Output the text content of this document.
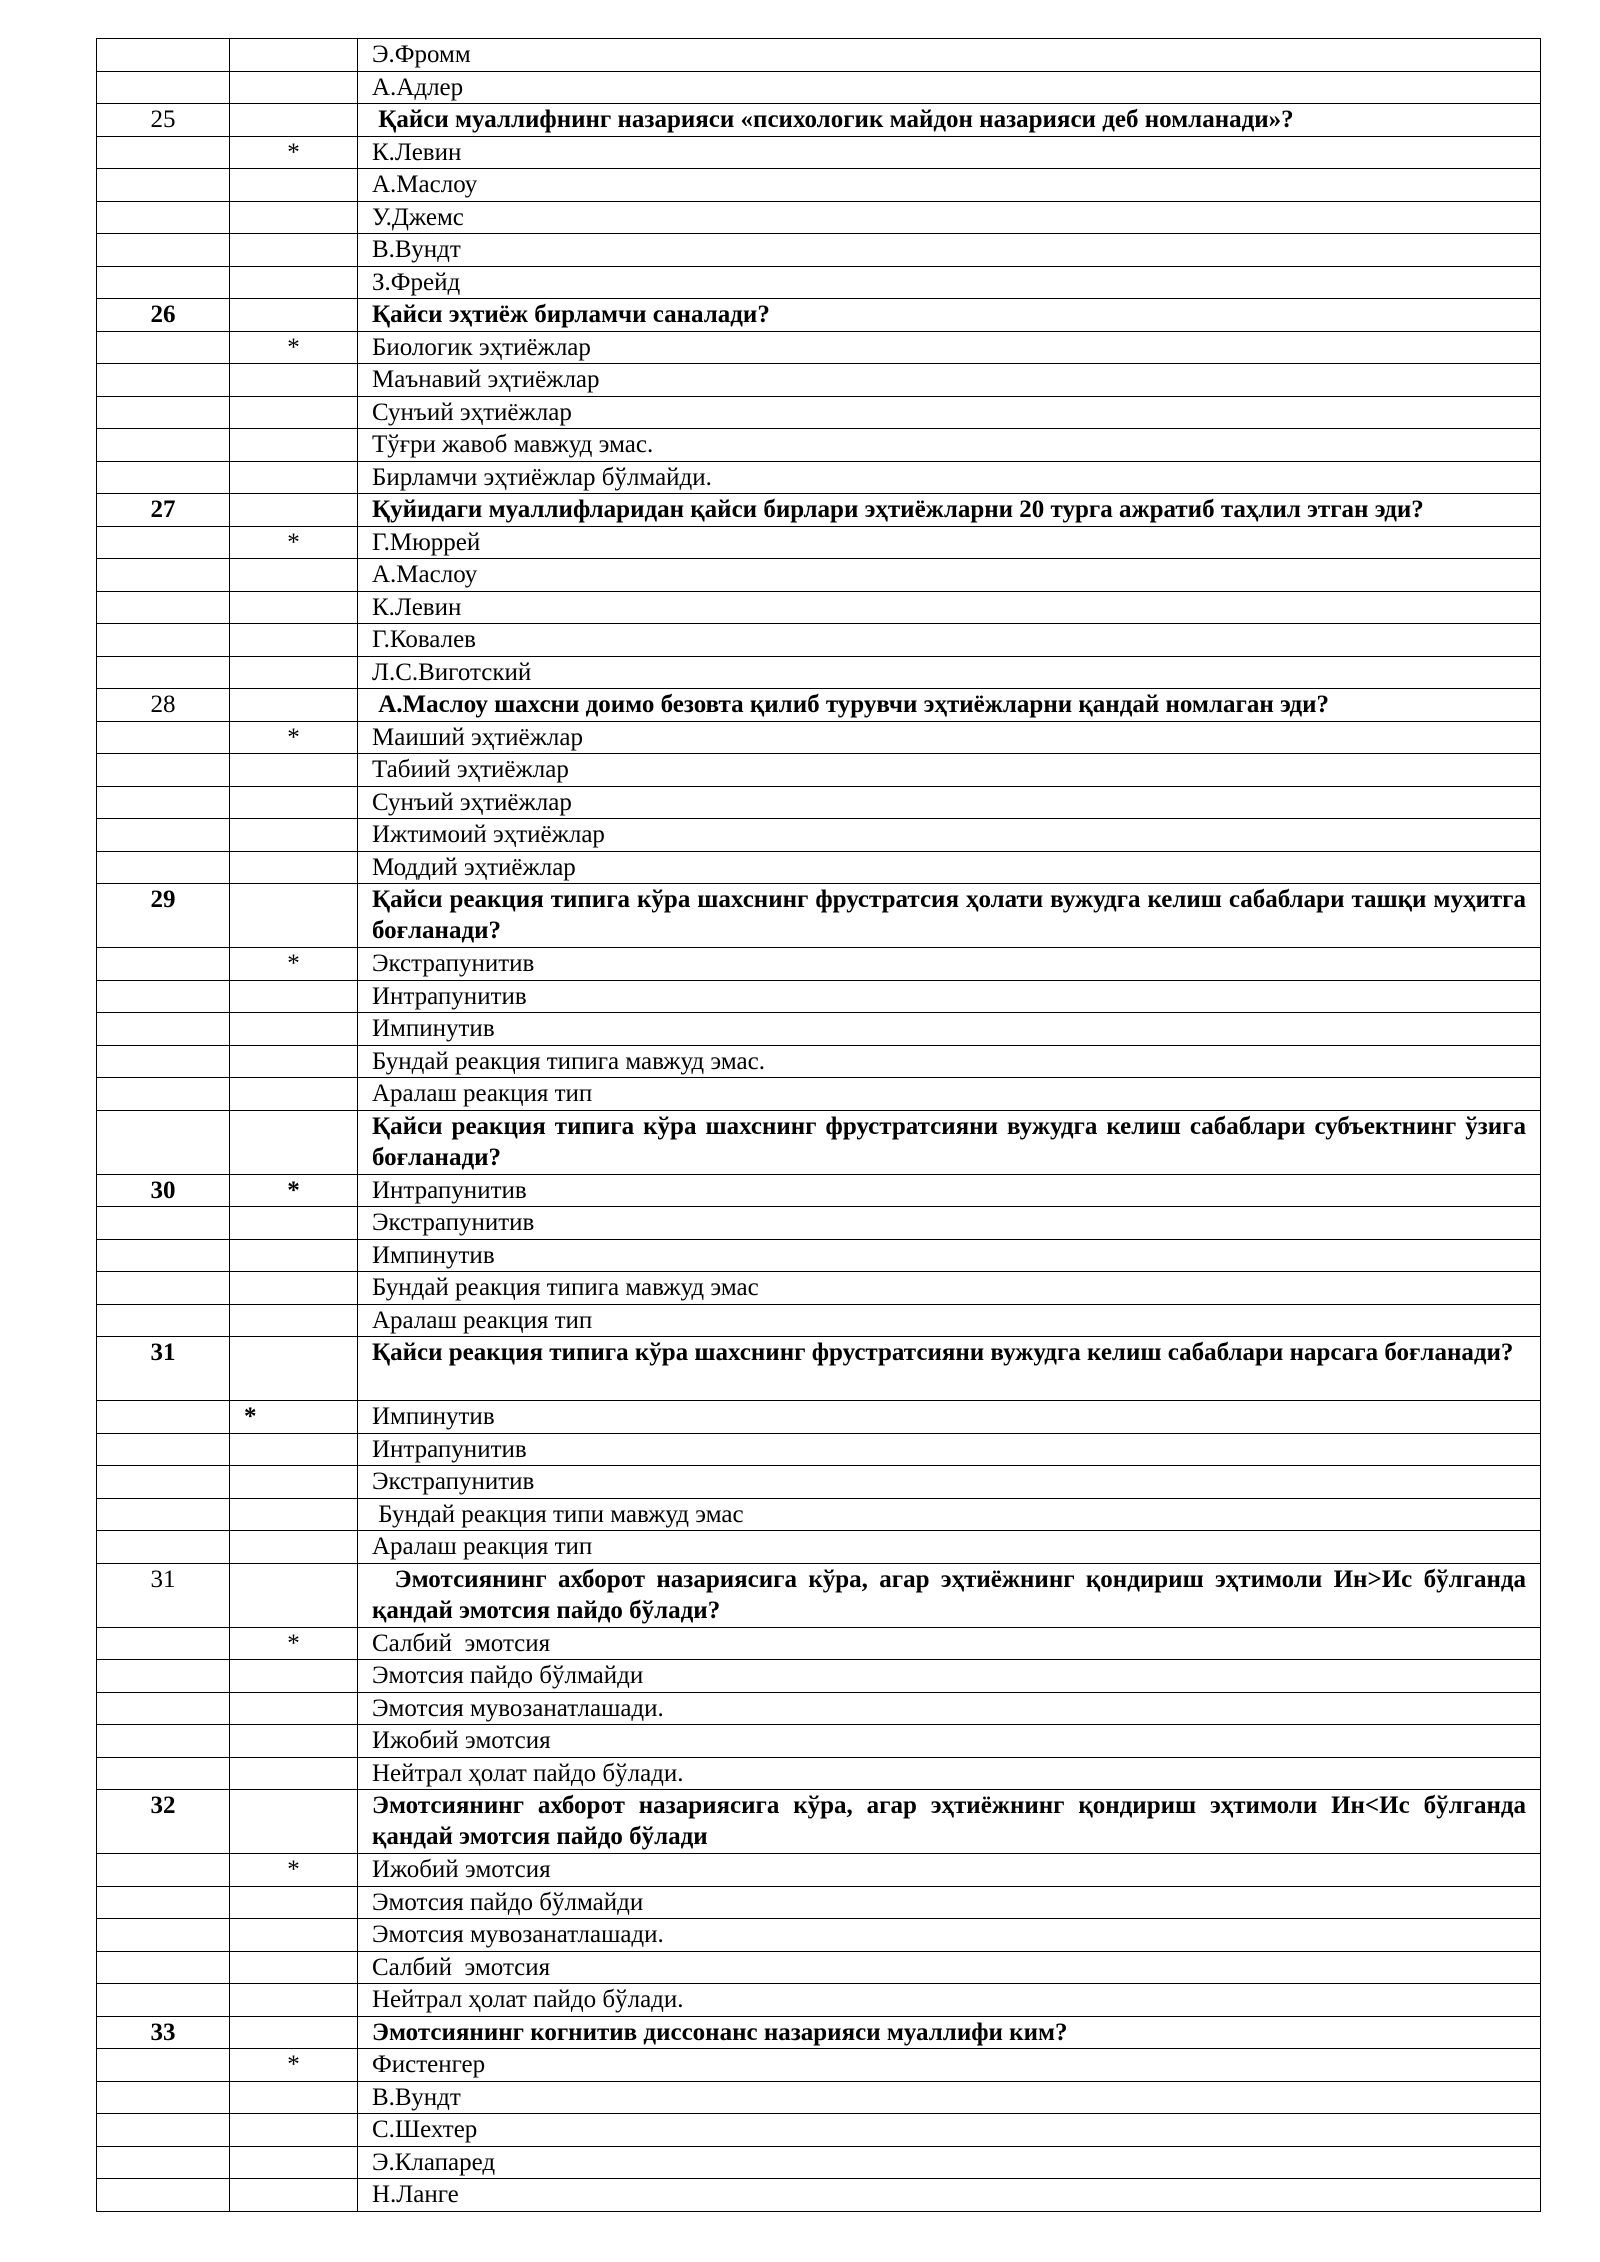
		Э.Фромм
		А.Адлер
25		Қайси муаллифнинг назарияси «психологик майдон назарияси деб номланади»?
	*	К.Левин
		А.Маслоу
		У.Джемс
		В.Вундт
		З.Фрейд
26		Қайси эҳтиёж бирламчи саналади?
	*	Биологик эҳтиёжлар
		Маънавий эҳтиёжлар
		Сунъий эҳтиёжлар
		Тўғри жавоб мавжуд эмас.
		Бирламчи эҳтиёжлар бўлмайди.
27		Қуйидаги муаллифларидан қайси бирлари эҳтиёжларни 20 турга ажратиб таҳлил этган эди?
	*	Г.Мюррей
		А.Маслоу
		К.Левин
		Г.Ковалев
		Л.С.Виготский
28		А.Маслоу шахсни доимо безовта қилиб турувчи эҳтиёжларни қандай номлаган эди?
	*	Маиший эҳтиёжлар
		Табиий эҳтиёжлар
		Сунъий эҳтиёжлар
		Ижтимоий эҳтиёжлар
		Моддий эҳтиёжлар
29		Қайси реакция типига кўра шахснинг фрустратсия ҳолати вужудга келиш сабаблари ташқи муҳитга боғланади?
	*	Экстрапунитив
		Интрапунитив
		Импинутив
		Бундай реакция типига мавжуд эмас.
		Аралаш реакция тип
		Қайси реакция типига кўра шахснинг фрустратсияни вужудга келиш сабаблари субъектнинг ўзига боғланади?
30	*	Интрапунитив
		Экстрапунитив
		Импинутив
		Бундай реакция типига мавжуд эмас
		Аралаш реакция тип
31		Қайси реакция типига кўра шахснинг фрустратсияни вужудга келиш сабаблари нарсага боғланади?
	*	Импинутив
		Интрапунитив
		Экстрапунитив
		Бундай реакция типи мавжуд эмас
		Аралаш реакция тип
31		Эмотсиянинг ахборот назариясига кўра, агар эҳтиёжнинг қондириш эҳтимоли Ин>Ис бўлганда қандай эмотсия пайдо бўлади?
	*	Салбий  эмотсия
		Эмотсия пайдо бўлмайди
		Эмотсия мувозанатлашади.
		Ижобий эмотсия
		Нейтрал ҳолат пайдо бўлади.
32		Эмотсиянинг ахборот назариясига кўра, агар эҳтиёжнинг қондириш эҳтимоли Ин<Ис бўлганда қандай эмотсия пайдо бўлади
	*	Ижобий эмотсия
		Эмотсия пайдо бўлмайди
		Эмотсия мувозанатлашади.
		Салбий  эмотсия
		Нейтрал ҳолат пайдо бўлади.
33		Эмотсиянинг когнитив диссонанс назарияси муаллифи ким?
	*	Фистенгер
		В.Вундт
		С.Шехтер
		Э.Клапаред
		Н.Ланге
